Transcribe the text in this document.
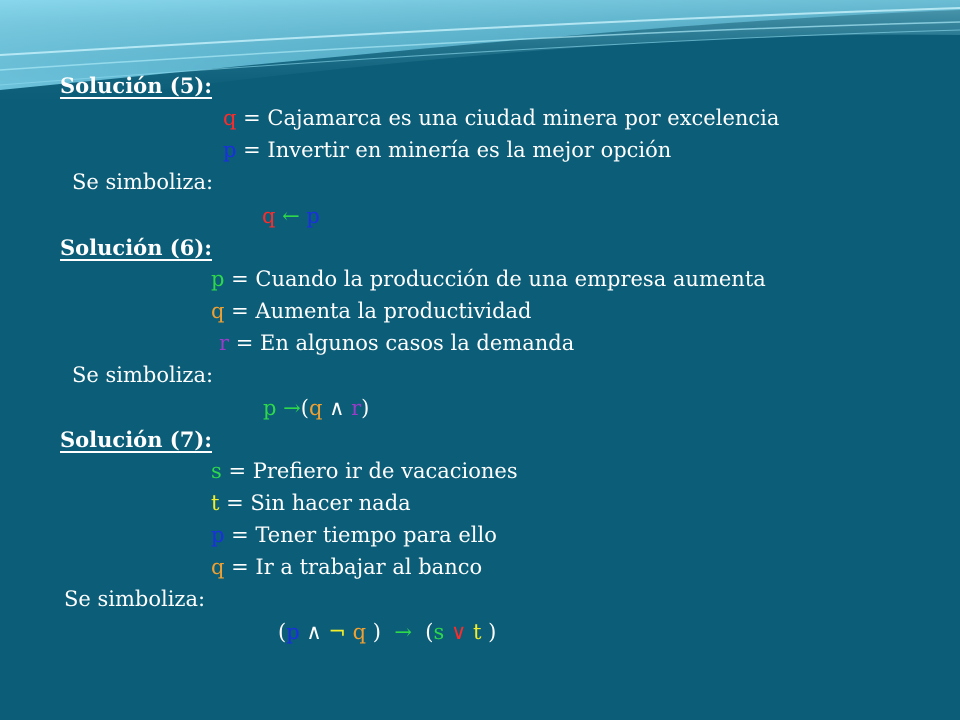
Solución (5):
q = Cajamarca es una ciudad minera por excelencia
p = Invertir en minería es la mejor opción
Se simboliza:
q ← p
Solución (6):
p = Cuando la producción de una empresa aumenta
q = Aumenta la productividad
r = En algunos casos la demanda
Se simboliza:
p →(q ∧ r)
Solución (7):
s = Prefiero ir de vacaciones
t = Sin hacer nada
p = Tener tiempo para ello
q = Ir a trabajar al banco
Se simboliza:
(p ∧ ¬ q )  →  (s ∨ t )
